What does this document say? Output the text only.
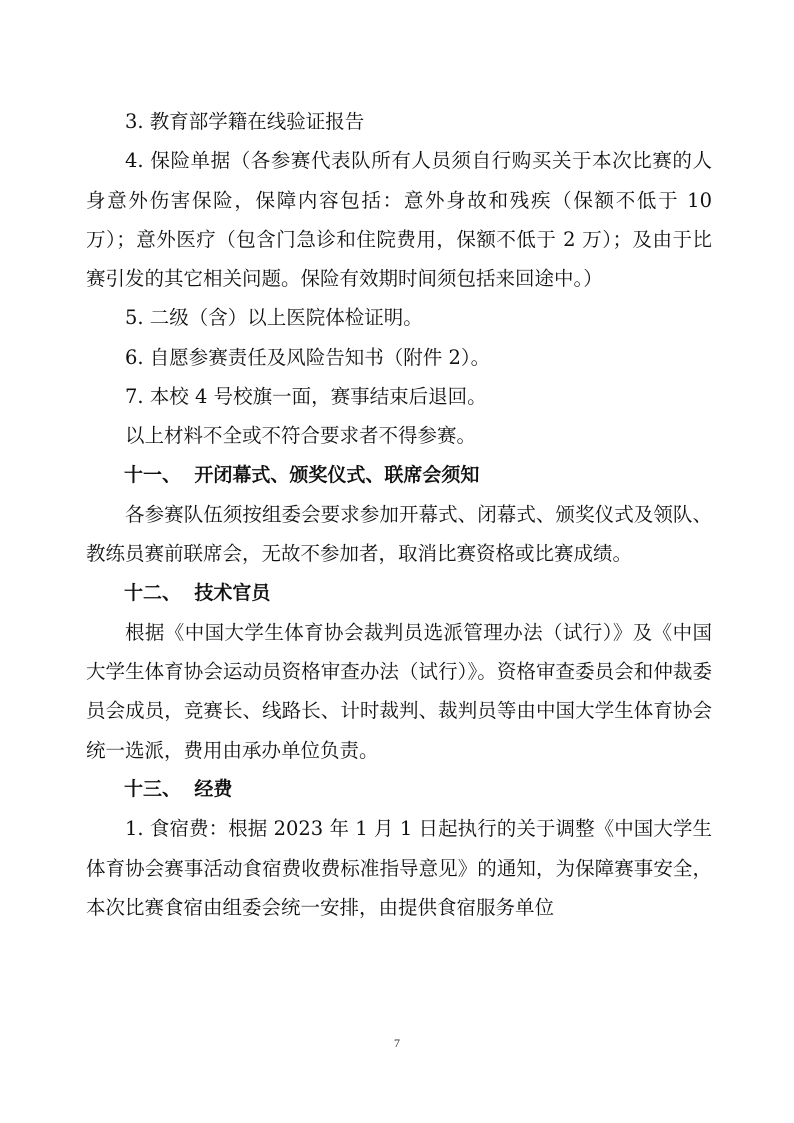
3. 教育部学籍在线验证报告

4. 保险单据（各参赛代表队所有人员须自行购买关于本次比赛的人身意外伤害保险，保障内容包括：意外身故和残疾（保额不低于 10 万）；意外医疗（包含门急诊和住院费用，保额不低于 2 万）；及由于比赛引发的其它相关问题。保险有效期时间须包括来回途中。）

5. 二级（含）以上医院体检证明。

6. 自愿参赛责任及风险告知书（附件 2）。

7. 本校 4 号校旗一面，赛事结束后退回。

以上材料不全或不符合要求者不得参赛。

十一、 开闭幕式、颁奖仪式、联席会须知

各参赛队伍须按组委会要求参加开幕式、闭幕式、颁奖仪式及领队、教练员赛前联席会，无故不参加者，取消比赛资格或比赛成绩。

十二、 技术官员

根据《中国大学生体育协会裁判员选派管理办法（试行）》及《中国大学生体育协会运动员资格审查办法（试行）》。资格审查委员会和仲裁委员会成员，竞赛长、线路长、计时裁判、裁判员等由中国大学生体育协会统一选派，费用由承办单位负责。

十三、 经费

1. 食宿费：根据 2023 年 1 月 1 日起执行的关于调整《中国大学生体育协会赛事活动食宿费收费标准指导意见》的通知，为保障赛事安全，本次比赛食宿由组委会统一安排，由提供食宿服务单位

7
